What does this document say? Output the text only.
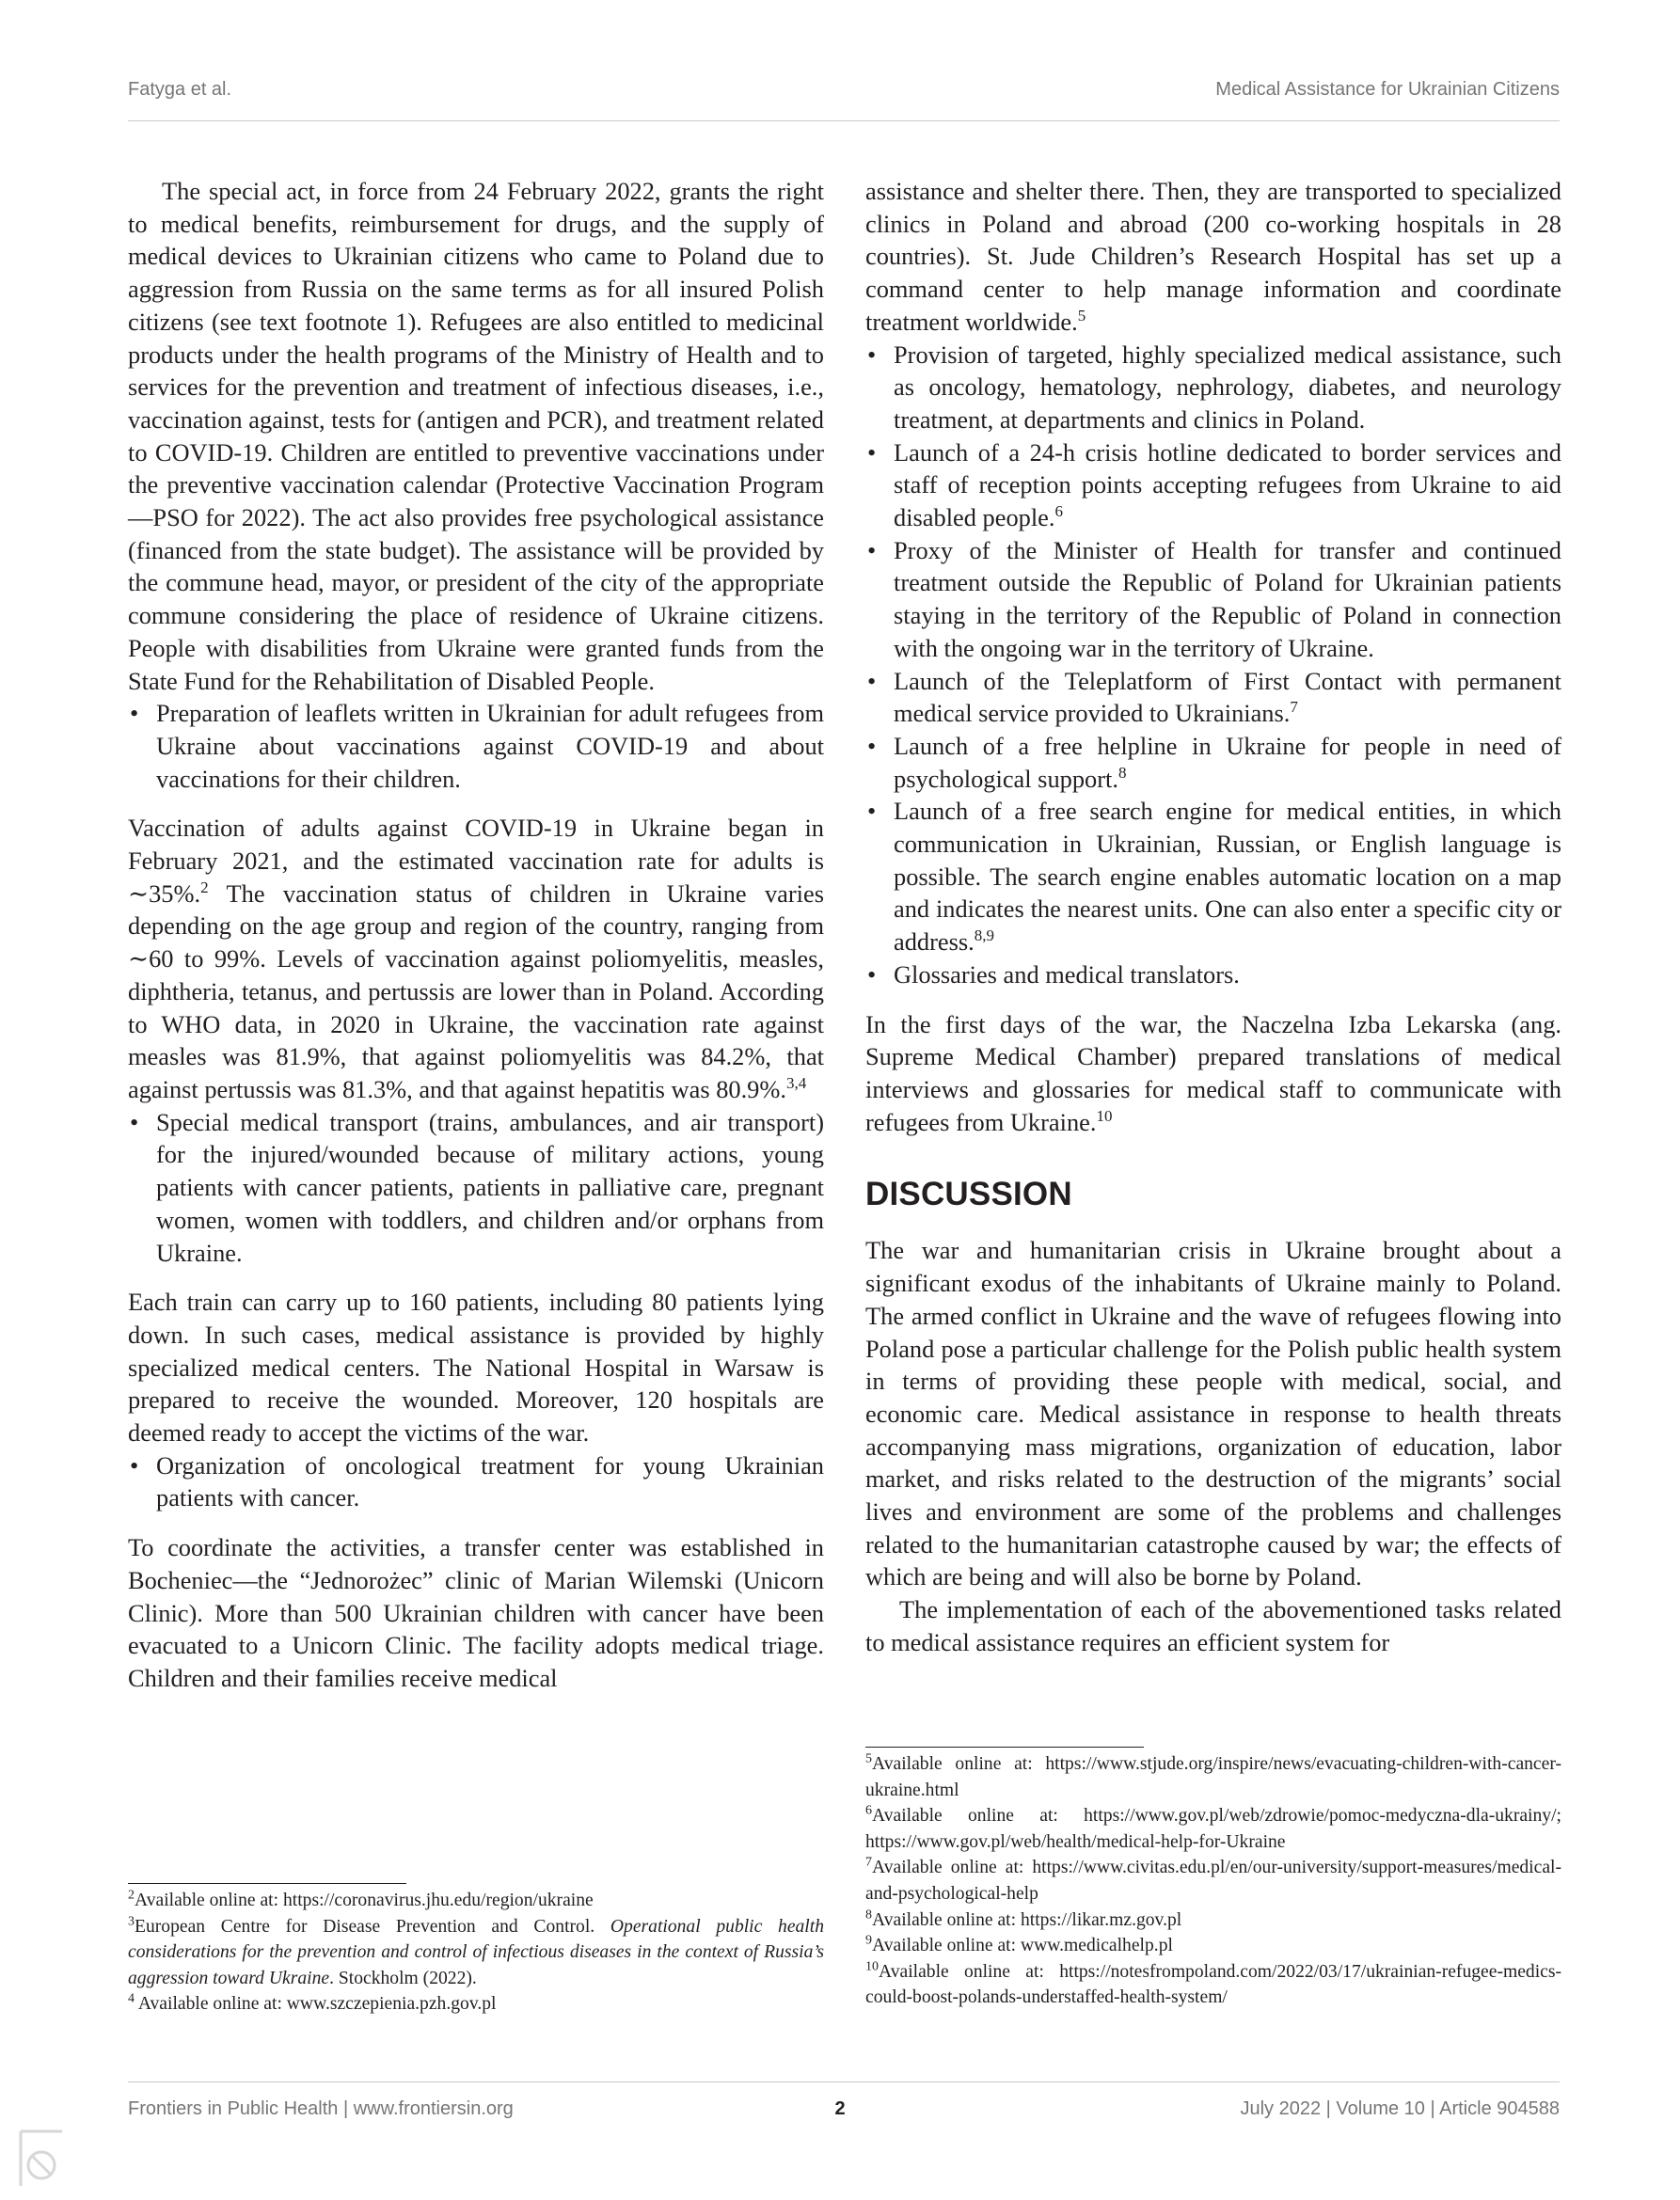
Fatyga et al.	Medical Assistance for Ukrainian Citizens

The special act, in force from 24 February 2022, grants the right to medical benefits, reimbursement for drugs, and the supply of medical devices to Ukrainian citizens who came to Poland due to aggression from Russia on the same terms as for all insured Polish citizens (see text footnote 1). Refugees are also entitled to medicinal products under the health programs of the Ministry of Health and to services for the prevention and treatment of infectious diseases, i.e., vaccination against, tests for (antigen and PCR), and treatment related to COVID-19. Children are entitled to preventive vaccinations under the preventive vaccination calendar (Protective Vaccination Program—PSO for 2022). The act also provides free psychological assistance (financed from the state budget). The assistance will be provided by the commune head, mayor, or president of the city of the appropriate commune considering the place of residence of Ukraine citizens. People with disabilities from Ukraine were granted funds from the State Fund for the Rehabilitation of Disabled People.

• Preparation of leaflets written in Ukrainian for adult refugees from Ukraine about vaccinations against COVID-19 and about vaccinations for their children.

Vaccination of adults against COVID-19 in Ukraine began in February 2021, and the estimated vaccination rate for adults is ∼35%.$^2$ The vaccination status of children in Ukraine varies depending on the age group and region of the country, ranging from ∼60 to 99%. Levels of vaccination against poliomyelitis, measles, diphtheria, tetanus, and pertussis are lower than in Poland. According to WHO data, in 2020 in Ukraine, the vaccination rate against measles was 81.9%, that against poliomyelitis was 84.2%, that against pertussis was 81.3%, and that against hepatitis was 80.9%.$^{3,4}$

• Special medical transport (trains, ambulances, and air transport) for the injured/wounded because of military actions, young patients with cancer patients, patients in palliative care, pregnant women, women with toddlers, and children and/or orphans from Ukraine.

Each train can carry up to 160 patients, including 80 patients lying down. In such cases, medical assistance is provided by highly specialized medical centers. The National Hospital in Warsaw is prepared to receive the wounded. Moreover, 120 hospitals are deemed ready to accept the victims of the war.

• Organization of oncological treatment for young Ukrainian patients with cancer.

To coordinate the activities, a transfer center was established in Bocheniec—the “Jednorożec” clinic of Marian Wilemski (Unicorn Clinic). More than 500 Ukrainian children with cancer have been evacuated to a Unicorn Clinic. The facility adopts medical triage. Children and their families receive medical

assistance and shelter there. Then, they are transported to specialized clinics in Poland and abroad (200 co-working hospitals in 28 countries). St. Jude Children’s Research Hospital has set up a command center to help manage information and coordinate treatment worldwide.$^5$

• Provision of targeted, highly specialized medical assistance, such as oncology, hematology, nephrology, diabetes, and neurology treatment, at departments and clinics in Poland.
• Launch of a 24-h crisis hotline dedicated to border services and staff of reception points accepting refugees from Ukraine to aid disabled people.$^6$
• Proxy of the Minister of Health for transfer and continued treatment outside the Republic of Poland for Ukrainian patients staying in the territory of the Republic of Poland in connection with the ongoing war in the territory of Ukraine.
• Launch of the Teleplatform of First Contact with permanent medical service provided to Ukrainians.$^7$
• Launch of a free helpline in Ukraine for people in need of psychological support.$^8$
• Launch of a free search engine for medical entities, in which communication in Ukrainian, Russian, or English language is possible. The search engine enables automatic location on a map and indicates the nearest units. One can also enter a specific city or address.$^{8,9}$
• Glossaries and medical translators.

In the first days of the war, the Naczelna Izba Lekarska (ang. Supreme Medical Chamber) prepared translations of medical interviews and glossaries for medical staff to communicate with refugees from Ukraine.$^{10}$

DISCUSSION

The war and humanitarian crisis in Ukraine brought about a significant exodus of the inhabitants of Ukraine mainly to Poland. The armed conflict in Ukraine and the wave of refugees flowing into Poland pose a particular challenge for the Polish public health system in terms of providing these people with medical, social, and economic care. Medical assistance in response to health threats accompanying mass migrations, organization of education, labor market, and risks related to the destruction of the migrants’ social lives and environment are some of the problems and challenges related to the humanitarian catastrophe caused by war; the effects of which are being and will also be borne by Poland.

The implementation of each of the abovementioned tasks related to medical assistance requires an efficient system for

$^2$Available online at: https://coronavirus.jhu.edu/region/ukraine

$^3$European Centre for Disease Prevention and Control. Operational public health considerations for the prevention and control of infectious diseases in the context of Russia’s aggression toward Ukraine. Stockholm (2022).

$^4$ Available online at: www.szczepienia.pzh.gov.pl

$^5$Available online at: https://www.stjude.org/inspire/news/evacuating-children-with-cancer-ukraine.html

$^6$Available online at: https://www.gov.pl/web/zdrowie/pomoc-medyczna-dla-ukrainy/; https://www.gov.pl/web/health/medical-help-for-Ukraine

$^7$Available online at: https://www.civitas.edu.pl/en/our-university/support-measures/medical-and-psychological-help

$^8$Available online at: https://likar.mz.gov.pl

$^9$Available online at: www.medicalhelp.pl

$^{10}$Available online at: https://notesfrompoland.com/2022/03/17/ukrainian-refugee-medics-could-boost-polands-understaffed-health-system/

Frontiers in Public Health | www.frontiersin.org	2	July 2022 | Volume 10 | Article 904588
